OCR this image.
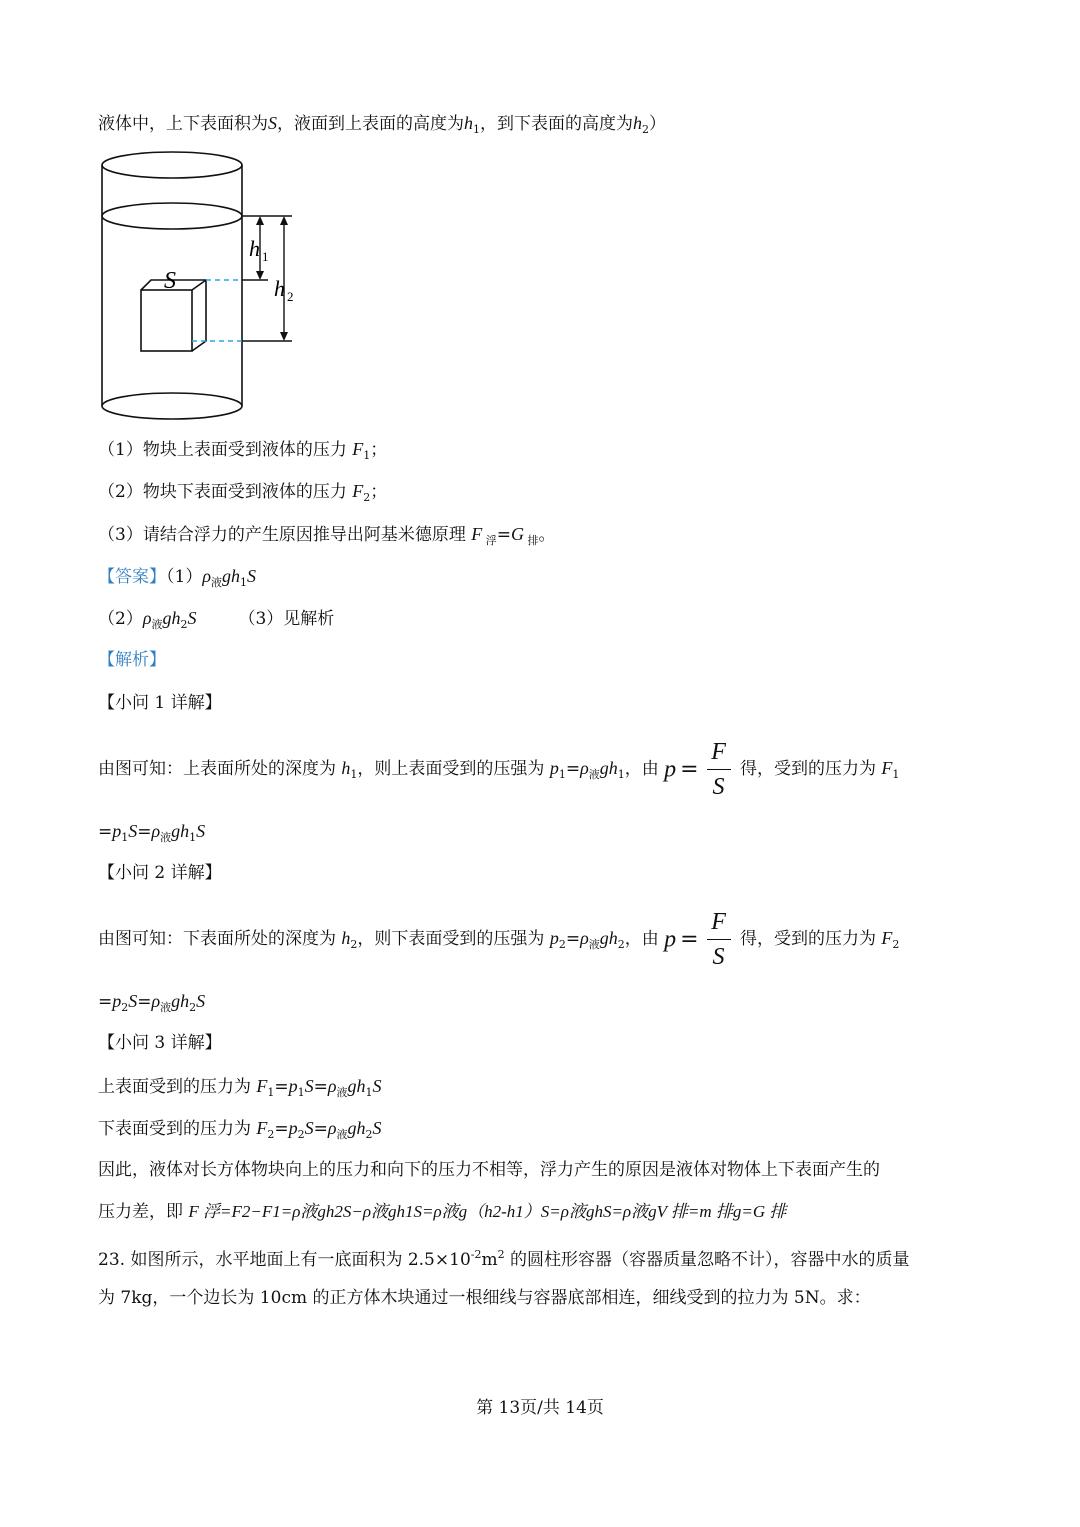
液体中，上下表面积为S，液面到上表面的高度为$h_1$，到下表面的高度为$h_2$）
S
h 1
h 2
（1）物块上表面受到液体的压力 $F_1$；
（2）物块下表面受到液体的压力 $F_2$；
（3）请结合浮力的产生原因推导出阿基米德原理 F $_浮$=G $_排$。
【答案】$(1)\rho_液gh_1S$
$(2)\rho_液gh_2S$ （3）见解析
【解析】
【小问 1 详解】
由图可知：上表面所处的深度为 $h_1$，则上表面受到的压强为 $p_1=\rho_液gh_1$，由 $p = \frac{F}{S}$ 得，受到的压力为 $F_1$
$=p_1S=\rho_液gh_1S$
【小问 2 详解】
由图可知：下表面所处的深度为 $h_2$，则下表面受到的压强为 $p_2=\rho_液gh_2$，由 $p = \frac{F}{S}$ 得，受到的压力为 $F_2$
$=p_2S=\rho_液gh_2S$
【小问 3 详解】
上表面受到的压力为 $F_1=p_1S=\rho_液gh_1S$
下表面受到的压力为 $F_2=p_2S=\rho_液gh_2S$
因此，液体对长方体物块向上的压力和向下的压力不相等，浮力产生的原因是液体对物体上下表面产生的
压力差，即 F 浮=F2−F1=ρ液gh2S−ρ液gh1S=ρ液g（h2-h1）S=ρ液ghS=ρ液gV 排=m 排g=G 排
23. 如图所示，水平地面上有一底面积为 $2.5\times 10^{-2}m^2$ 的圆柱形容器（容器质量忽略不计），容器中水的质量
为 7kg，一个边长为 10cm 的正方体木块通过一根细线与容器底部相连，细线受到的拉力为 5N。求：
第 13页/共 14页
